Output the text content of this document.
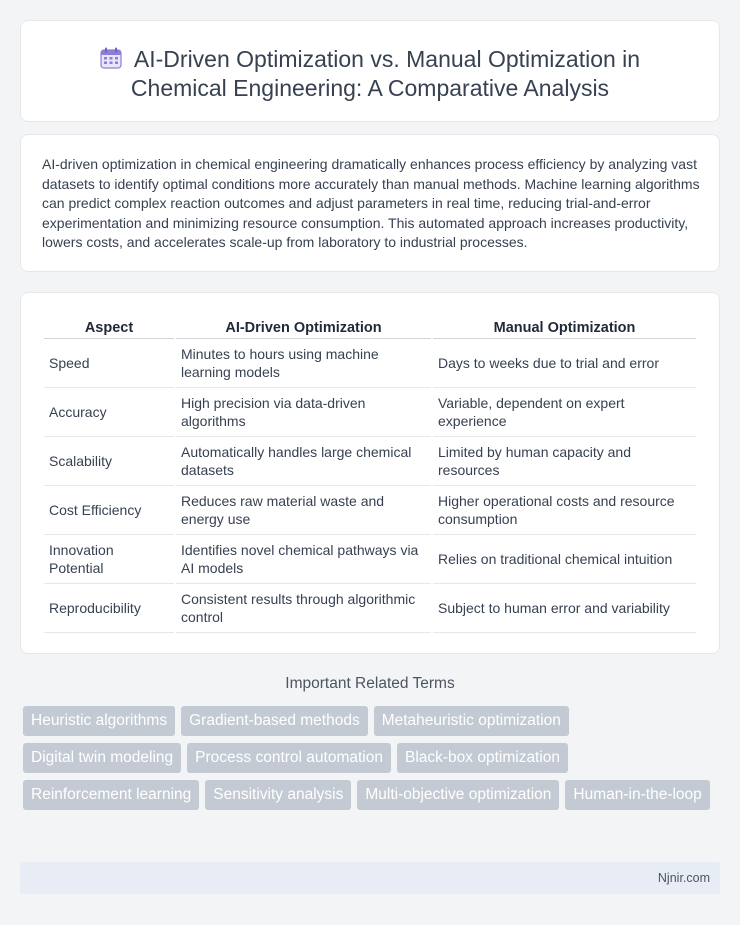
AI-Driven Optimization vs. Manual Optimization in
Chemical Engineering: A Comparative Analysis

AI-driven optimization in chemical engineering dramatically enhances process efficiency by analyzing vast datasets to identify optimal conditions more accurately than manual methods. Machine learning algorithms can predict complex reaction outcomes and adjust parameters in real time, reducing trial-and-error experimentation and minimizing resource consumption. This automated approach increases productivity, lowers costs, and accelerates scale-up from laboratory to industrial processes.

Aspect	AI-Driven Optimization	Manual Optimization
Speed	Minutes to hours using machine learning models	Days to weeks due to trial and error
Accuracy	High precision via data-driven algorithms	Variable, dependent on expert experience
Scalability	Automatically handles large chemical datasets	Limited by human capacity and resources
Cost Efficiency	Reduces raw material waste and energy use	Higher operational costs and resource consumption
Innovation Potential	Identifies novel chemical pathways via AI models	Relies on traditional chemical intuition
Reproducibility	Consistent results through algorithmic control	Subject to human error and variability
Important Related Terms
Heuristic algorithms	Gradient-based methods	Metaheuristic optimization
Digital twin modeling	Process control automation	Black-box optimization
Reinforcement learning	Sensitivity analysis	Multi-objective optimization	Human-in-the-loop
Njnir.com
